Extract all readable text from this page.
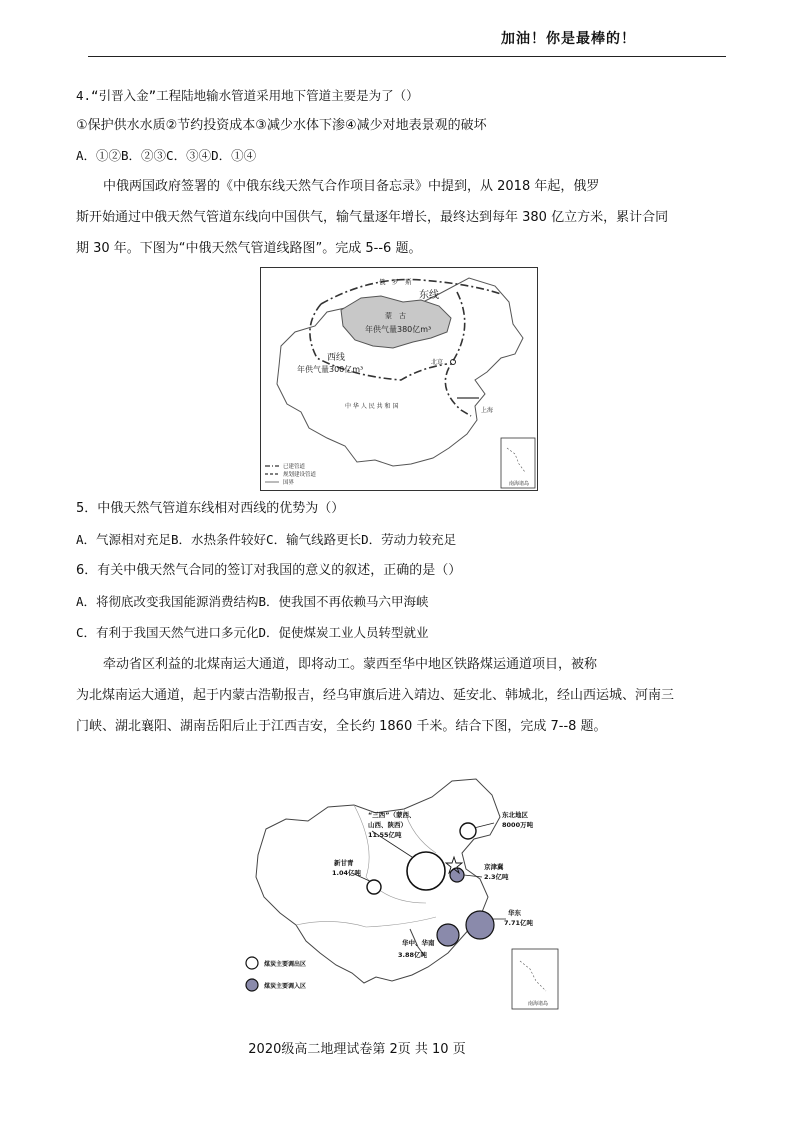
加油！你是最棒的！
4.“引晋入金”工程陆地输水管道采用地下管道主要是为了（）
①保护供水水质②节约投资成本③减少水体下渗④减少对地表景观的破坏
A．①②B．②③C．③④D．①④
中俄两国政府签署的《中俄东线天然气合作项目备忘录》中提到，从 2018 年起，俄罗
斯开始通过中俄天然气管道东线向中国供气，输气量逐年增长，最终达到每年 380 亿立方米，累计合同
期 30 年。下图为“中俄天然气管道线路图”。完成 5--6 题。
俄　罗　斯
蒙　古
东线
年供气量380亿m³
西线
年供气量300亿m³
北京
中 华 人 民 共 和 国
上海
已建管道
规划建设管道
国界	南海诸岛
5．中俄天然气管道东线相对西线的优势为（）
A．气源相对充足B．水热条件较好C．输气线路更长D．劳动力较充足
6．有关中俄天然气合同的签订对我国的意义的叙述，正确的是（）
A．将彻底改变我国能源消费结构B．使我国不再依赖马六甲海峡
C．有利于我国天然气进口多元化D．促使煤炭工业人员转型就业
牵动省区利益的北煤南运大通道，即将动工。蒙西至华中地区铁路煤运通道项目，被称
为北煤南运大通道，起于内蒙古浩勒报吉，经乌审旗后进入靖边、延安北、韩城北，经山西运城、河南三
门峡、湖北襄阳、湖南岳阳后止于江西吉安，全长约 1860 千米。结合下图，完成 7--8 题。
“三西”（蒙西、
山西、陕西）
11.55亿吨
新甘青
1.04亿吨
东北地区
8000万吨
京津冀
2.3亿吨
华东
7.71亿吨
华中、华南
3.88亿吨
煤炭主要调出区
煤炭主要调入区
南海诸岛
2020级高二地理试卷第 2页 共 10 页
